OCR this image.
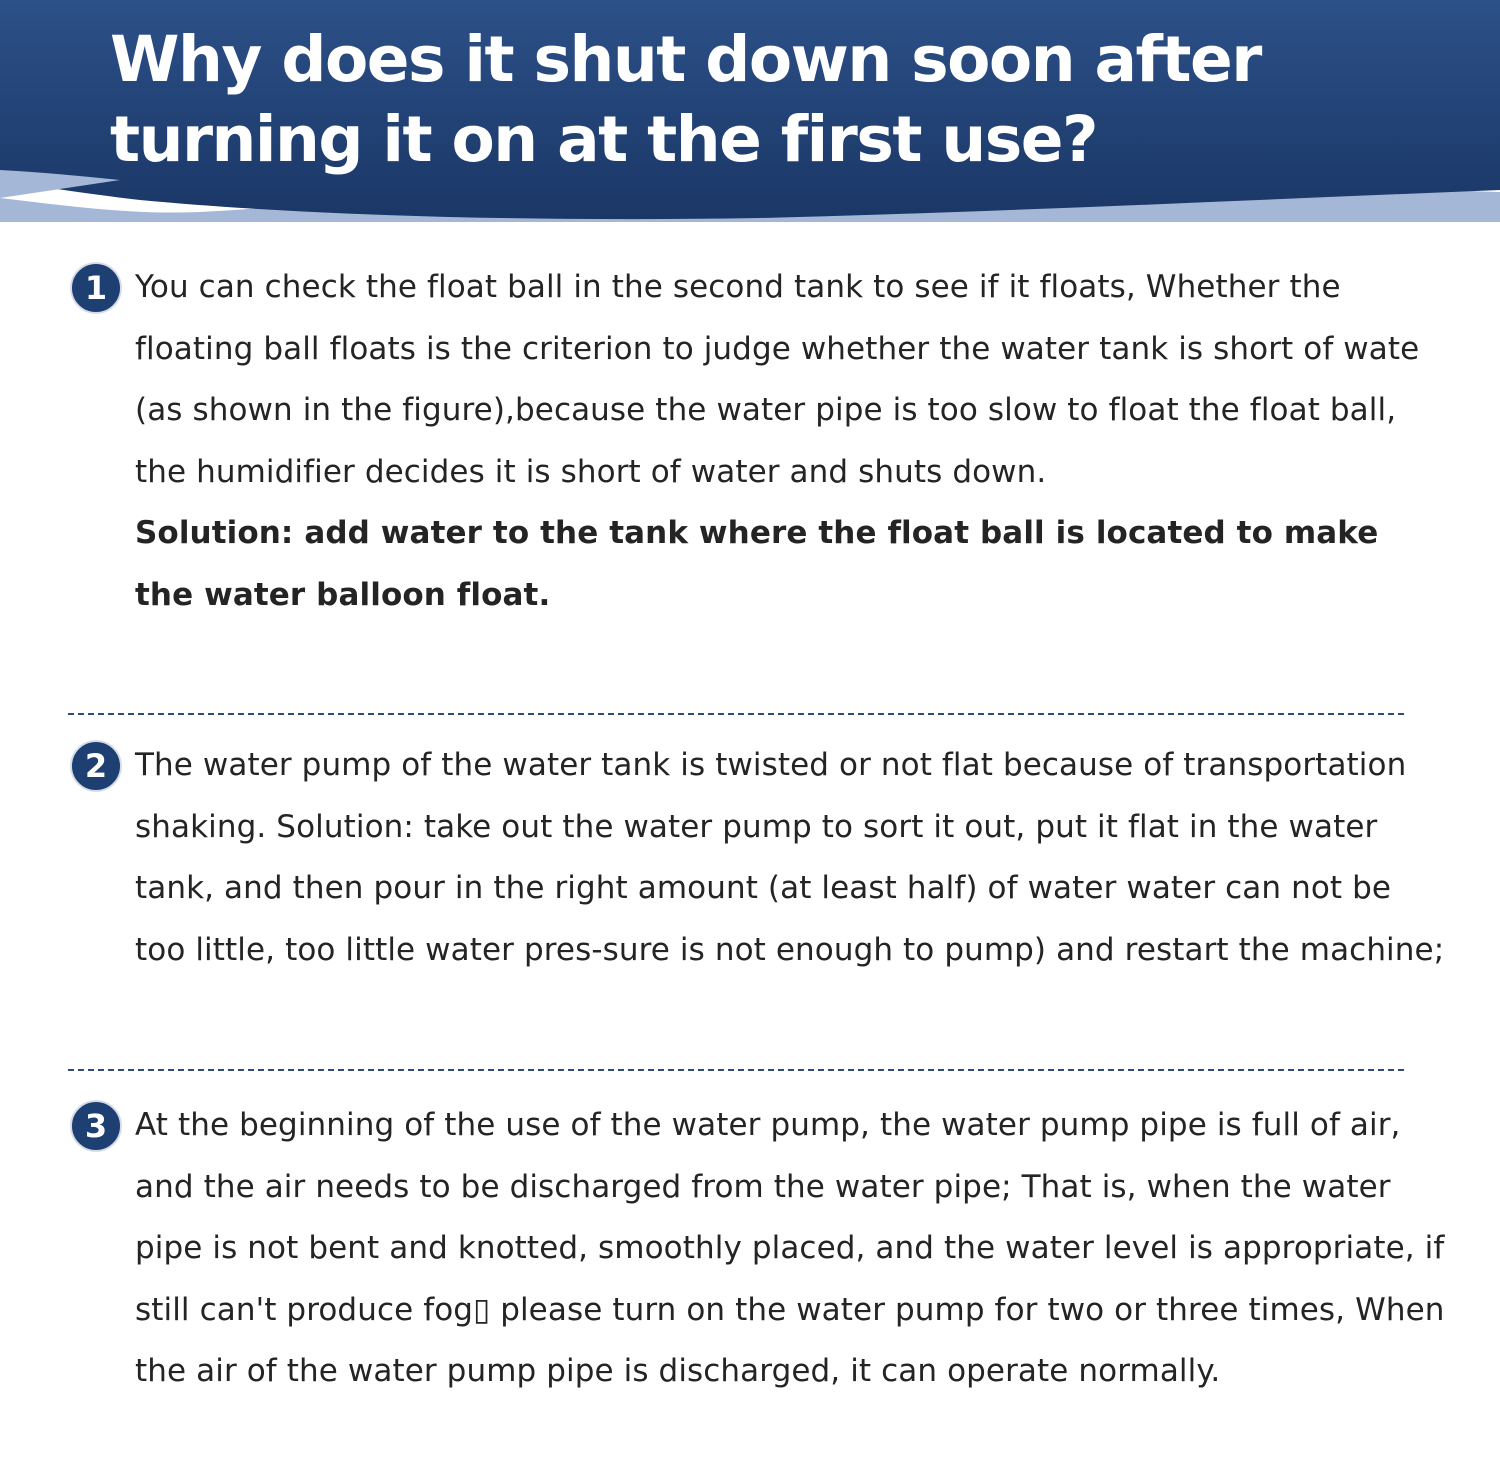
Why does it shut down soon after turning it on at the first use?
1 You can check the float ball in the second tank to see if it floats, Whether the floating ball floats is the criterion to judge whether the water tank is short of wate (as shown in the figure),because the water pipe is too slow to float the float ball, the humidifier decides it is short of water and shuts down.
Solution: add water to the tank where the float ball is located to make the water balloon float.
2 The water pump of the water tank is twisted or not flat because of transportation shaking. Solution: take out the water pump to sort it out, put it flat in the water tank, and then pour in the right amount (at least half) of water water can not be too little, too little water pres-sure is not enough to pump) and restart the machine;
3 At the beginning of the use of the water pump, the water pump pipe is full of air, and the air needs to be discharged from the water pipe; That is, when the water pipe is not bent and knotted, smoothly placed, and the water level is appropriate, if still can't produce fog▯ please turn on the water pump for two or three times, When the air of the water pump pipe is discharged, it can operate normally.
